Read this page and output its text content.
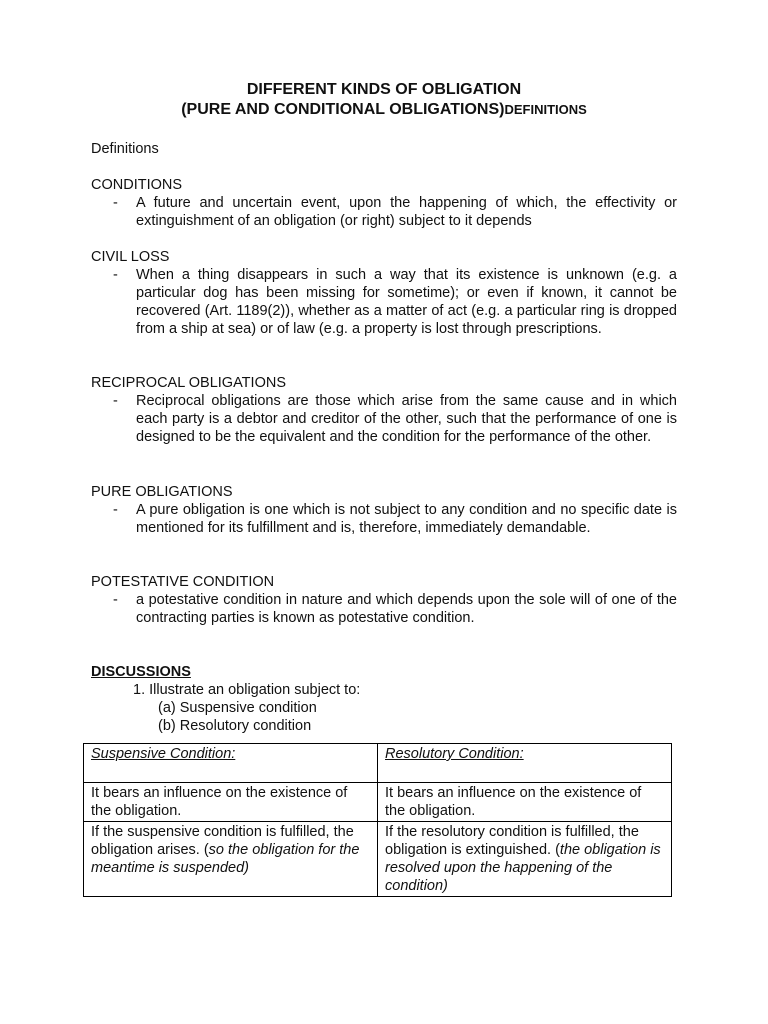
DIFFERENT KINDS OF OBLIGATION
(PURE AND CONDITIONAL OBLIGATIONS)DEFINITIONS
Definitions
CONDITIONS
- A future and uncertain event, upon the happening of which, the effectivity or extinguishment of an obligation (or right) subject to it depends
CIVIL LOSS
- When a thing disappears in such a way that its existence is unknown (e.g. a particular dog has been missing for sometime); or even if known, it cannot be recovered (Art. 1189(2)), whether as a matter of act (e.g. a particular ring is dropped from a ship at sea) or of law (e.g. a property is lost through prescriptions.
RECIPROCAL OBLIGATIONS
- Reciprocal obligations are those which arise from the same cause and in which each party is a debtor and creditor of the other, such that the performance of one is designed to be the equivalent and the condition for the performance of the other.
PURE OBLIGATIONS
- A pure obligation is one which is not subject to any condition and no specific date is mentioned for its fulfillment and is, therefore, immediately demandable.
POTESTATIVE CONDITION
- a potestative condition in nature and which depends upon the sole will of one of the contracting parties is known as potestative condition.
DISCUSSIONS
1. Illustrate an obligation subject to:
(a) Suspensive condition
(b) Resolutory condition
Suspensive Condition:	Resolutory Condition:
It bears an influence on the existence of the obligation.	It bears an influence on the existence of the obligation.
If the suspensive condition is fulfilled, the obligation arises. (so the obligation for the meantime is suspended)	If the resolutory condition is fulfilled, the obligation is extinguished. (the obligation is resolved upon the happening of the condition)
